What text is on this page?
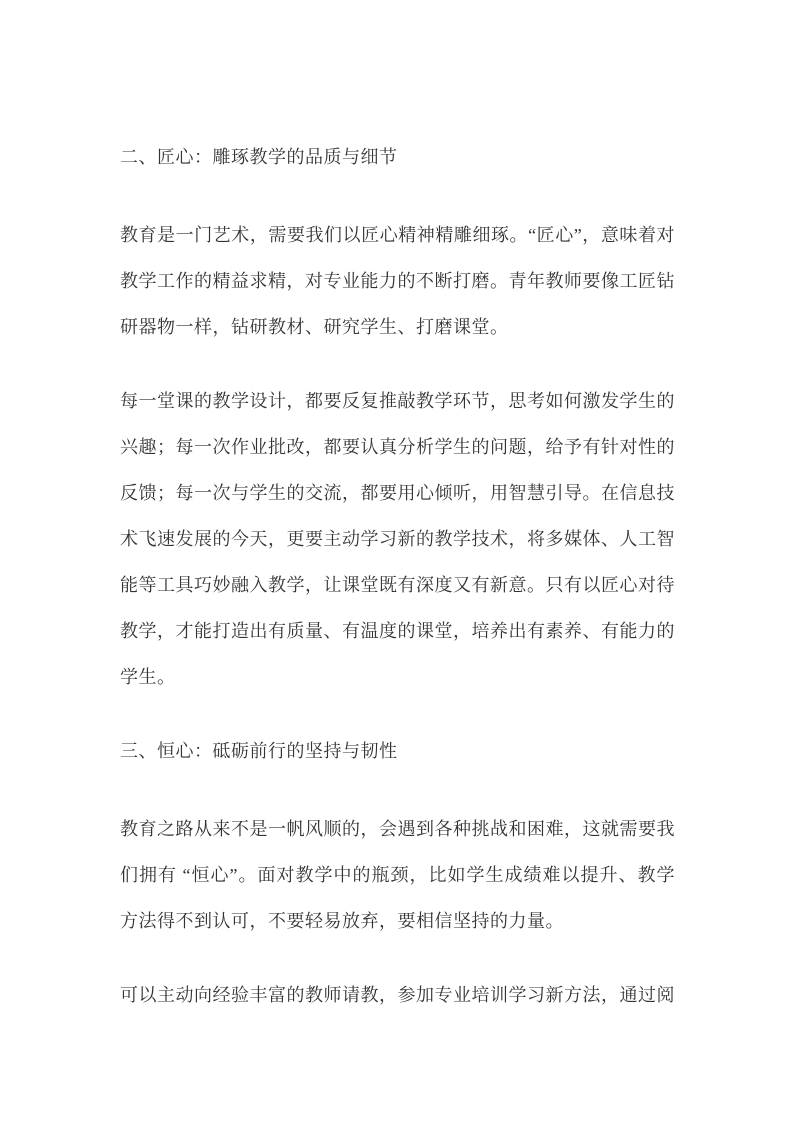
二、匠心：雕琢教学的品质与细节

教育是一门艺术，需要我们以匠心精神精雕细琢。“匠心”，意味着对教学工作的精益求精，对专业能力的不断打磨。青年教师要像工匠钻研器物一样，钻研教材、研究学生、打磨课堂。

每一堂课的教学设计，都要反复推敲教学环节，思考如何激发学生的兴趣；每一次作业批改，都要认真分析学生的问题，给予有针对性的反馈；每一次与学生的交流，都要用心倾听，用智慧引导。在信息技术飞速发展的今天，更要主动学习新的教学技术，将多媒体、人工智能等工具巧妙融入教学，让课堂既有深度又有新意。只有以匠心对待教学，才能打造出有质量、有温度的课堂，培养出有素养、有能力的学生。

三、恒心：砥砺前行的坚持与韧性

教育之路从来不是一帆风顺的，会遇到各种挑战和困难，这就需要我们拥有 “恒心”。面对教学中的瓶颈，比如学生成绩难以提升、教学方法得不到认可，不要轻易放弃，要相信坚持的力量。

可以主动向经验丰富的教师请教，参加专业培训学习新方法，通过阅
